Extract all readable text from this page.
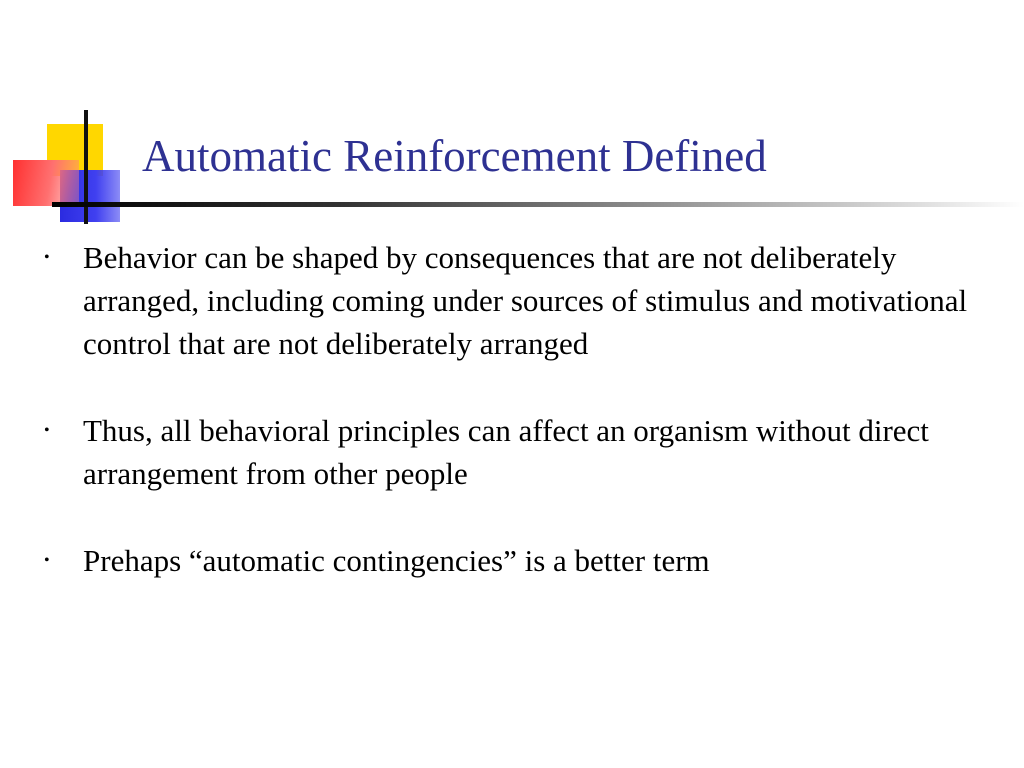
Automatic Reinforcement Defined
•	Behavior can be shaped by consequences that are not deliberately arranged, including coming under sources of stimulus and motivational control that are not deliberately arranged
•	Thus, all behavioral principles can affect an organism without direct arrangement from other people
•	Prehaps “automatic contingencies” is a better term
